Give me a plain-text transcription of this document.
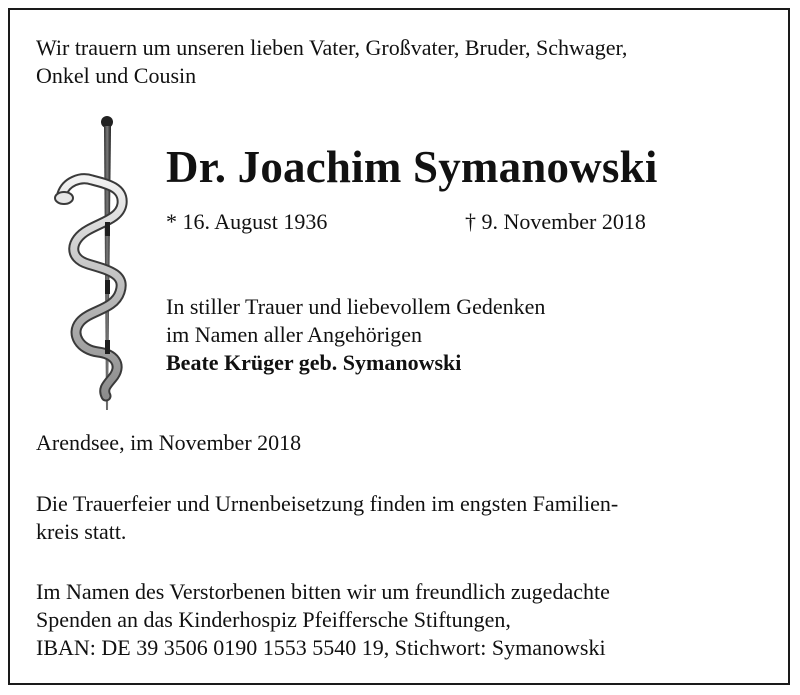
Wir trauern um unseren lieben Vater, Großvater, Bruder, Schwager,
Onkel und Cousin
Dr. Joachim Symanowski
* 16. August 1936	† 9. November 2018
In stiller Trauer und liebevollem Gedenken
im Namen aller Angehörigen
Beate Krüger geb. Symanowski
Arendsee, im November 2018
Die Trauerfeier und Urnenbeisetzung finden im engsten Familien-
kreis statt.
Im Namen des Verstorbenen bitten wir um freundlich zugedachte
Spenden an das Kinderhospiz Pfeiffersche Stiftungen,
IBAN: DE 39 3506 0190 1553 5540 19, Stichwort: Symanowski
